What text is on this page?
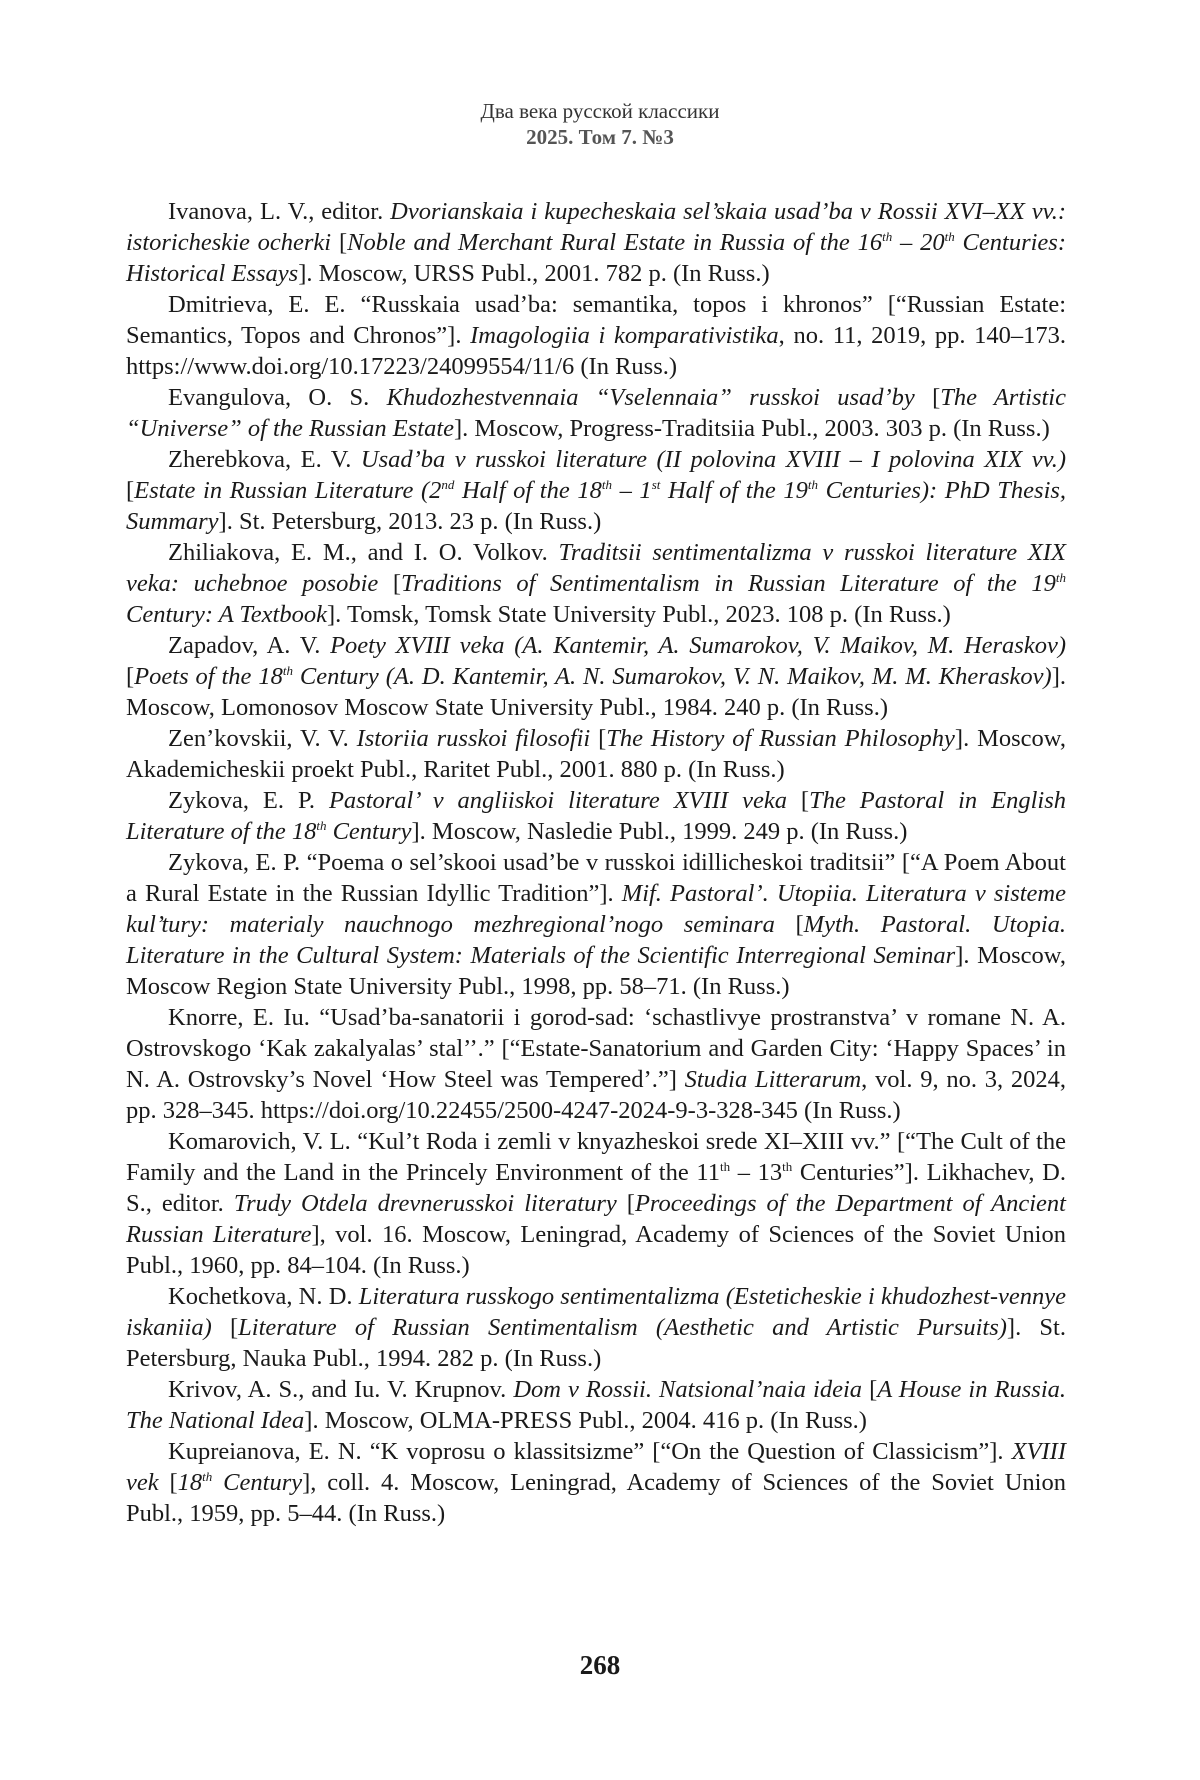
Два века русской классики
2025. Том 7. №3

Ivanova, L. V., editor. Dvorianskaia i kupecheskaia sel’skaia usad’ba v Rossii XVI–XX vv.: istoricheskie ocherki [Noble and Merchant Rural Estate in Russia of the 16th – 20th Centuries: Historical Essays]. Moscow, URSS Publ., 2001. 782 p. (In Russ.)

Dmitrieva, E. E. “Russkaia usad’ba: semantika, topos i khronos” [“Russian Estate: Semantics, Topos and Chronos”]. Imagologiia i komparativistika, no. 11, 2019, pp. 140–173. https://www.doi.org/10.17223/24099554/11/6 (In Russ.)

Evangulova, O. S. Khudozhestvennaia “Vselennaia” russkoi usad’by [The Artistic “Universe” of the Russian Estate]. Moscow, Progress-Traditsiia Publ., 2003. 303 p. (In Russ.)

Zherebkova, E. V. Usad’ba v russkoi literature (II polovina XVIII – I polovina XIX vv.) [Estate in Russian Literature (2nd Half of the 18th – 1st Half of the 19th Centuries): PhD Thesis, Summary]. St. Petersburg, 2013. 23 p. (In Russ.)

Zhiliakova, E. M., and I. O. Volkov. Traditsii sentimentalizma v russkoi literature XIX veka: uchebnoe posobie [Traditions of Sentimentalism in Russian Literature of the 19th Century: A Textbook]. Tomsk, Tomsk State University Publ., 2023. 108 p. (In Russ.)

Zapadov, A. V. Poety XVIII veka (A. Kantemir, A. Sumarokov, V. Maikov, M. Heraskov) [Poets of the 18th Century (A. D. Kantemir, A. N. Sumarokov, V. N. Maikov, M. M. Kheraskov)]. Moscow, Lomonosov Moscow State University Publ., 1984. 240 p. (In Russ.)

Zen’kovskii, V. V. Istoriia russkoi filosofii [The History of Russian Philosophy]. Moscow, Akademicheskii proekt Publ., Raritet Publ., 2001. 880 p. (In Russ.)

Zykova, E. P. Pastoral’ v angliiskoi literature XVIII veka [The Pastoral in English Literature of the 18th Century]. Moscow, Nasledie Publ., 1999. 249 p. (In Russ.)

Zykova, E. P. “Poema o sel’skooi usad’be v russkoi idillicheskoi traditsii” [“A Poem About a Rural Estate in the Russian Idyllic Tradition”]. Mif. Pastoral’. Utopiia. Literatura v sisteme kul’tury: materialy nauchnogo mezhregional’nogo seminara [Myth. Pastoral. Utopia. Literature in the Cultural System: Materials of the Scientific Interregional Seminar]. Moscow, Moscow Region State University Publ., 1998, pp. 58–71. (In Russ.)

Knorre, E. Iu. “Usad’ba-sanatorii i gorod-sad: ‘schastlivye prostranstva’ v romane N. A. Ostrovskogo ‘Kak zakalyalas’ stal’’.” [“Estate-Sanatorium and Garden City: ‘Happy Spaces’ in N. A. Ostrovsky’s Novel ‘How Steel was Tempered’.”] Studia Litterarum, vol. 9, no. 3, 2024, pp. 328–345. https://doi.org/10.22455/2500-4247-2024-9-3-328-345 (In Russ.)

Komarovich, V. L. “Kul’t Roda i zemli v knyazheskoi srede XI–XIII vv.” [“The Cult of the Family and the Land in the Princely Environment of the 11th – 13th Centuries”]. Likhachev, D. S., editor. Trudy Otdela drevnerusskoi literatury [Proceedings of the Department of Ancient Russian Literature], vol. 16. Moscow, Leningrad, Academy of Sciences of the Soviet Union Publ., 1960, pp. 84–104. (In Russ.)

Kochetkova, N. D. Literatura russkogo sentimentalizma (Esteticheskie i khudozhest-vennye iskaniia) [Literature of Russian Sentimentalism (Aesthetic and Artistic Pursuits)]. St. Petersburg, Nauka Publ., 1994. 282 p. (In Russ.)

Krivov, A. S., and Iu. V. Krupnov. Dom v Rossii. Natsional’naia ideia [A House in Russia. The National Idea]. Moscow, OLMA-PRESS Publ., 2004. 416 p. (In Russ.)

Kupreianova, E. N. “K voprosu o klassitsizme” [“On the Question of Classicism”]. XVIII vek [18th Century], coll. 4. Moscow, Leningrad, Academy of Sciences of the Soviet Union Publ., 1959, pp. 5–44. (In Russ.)

268
